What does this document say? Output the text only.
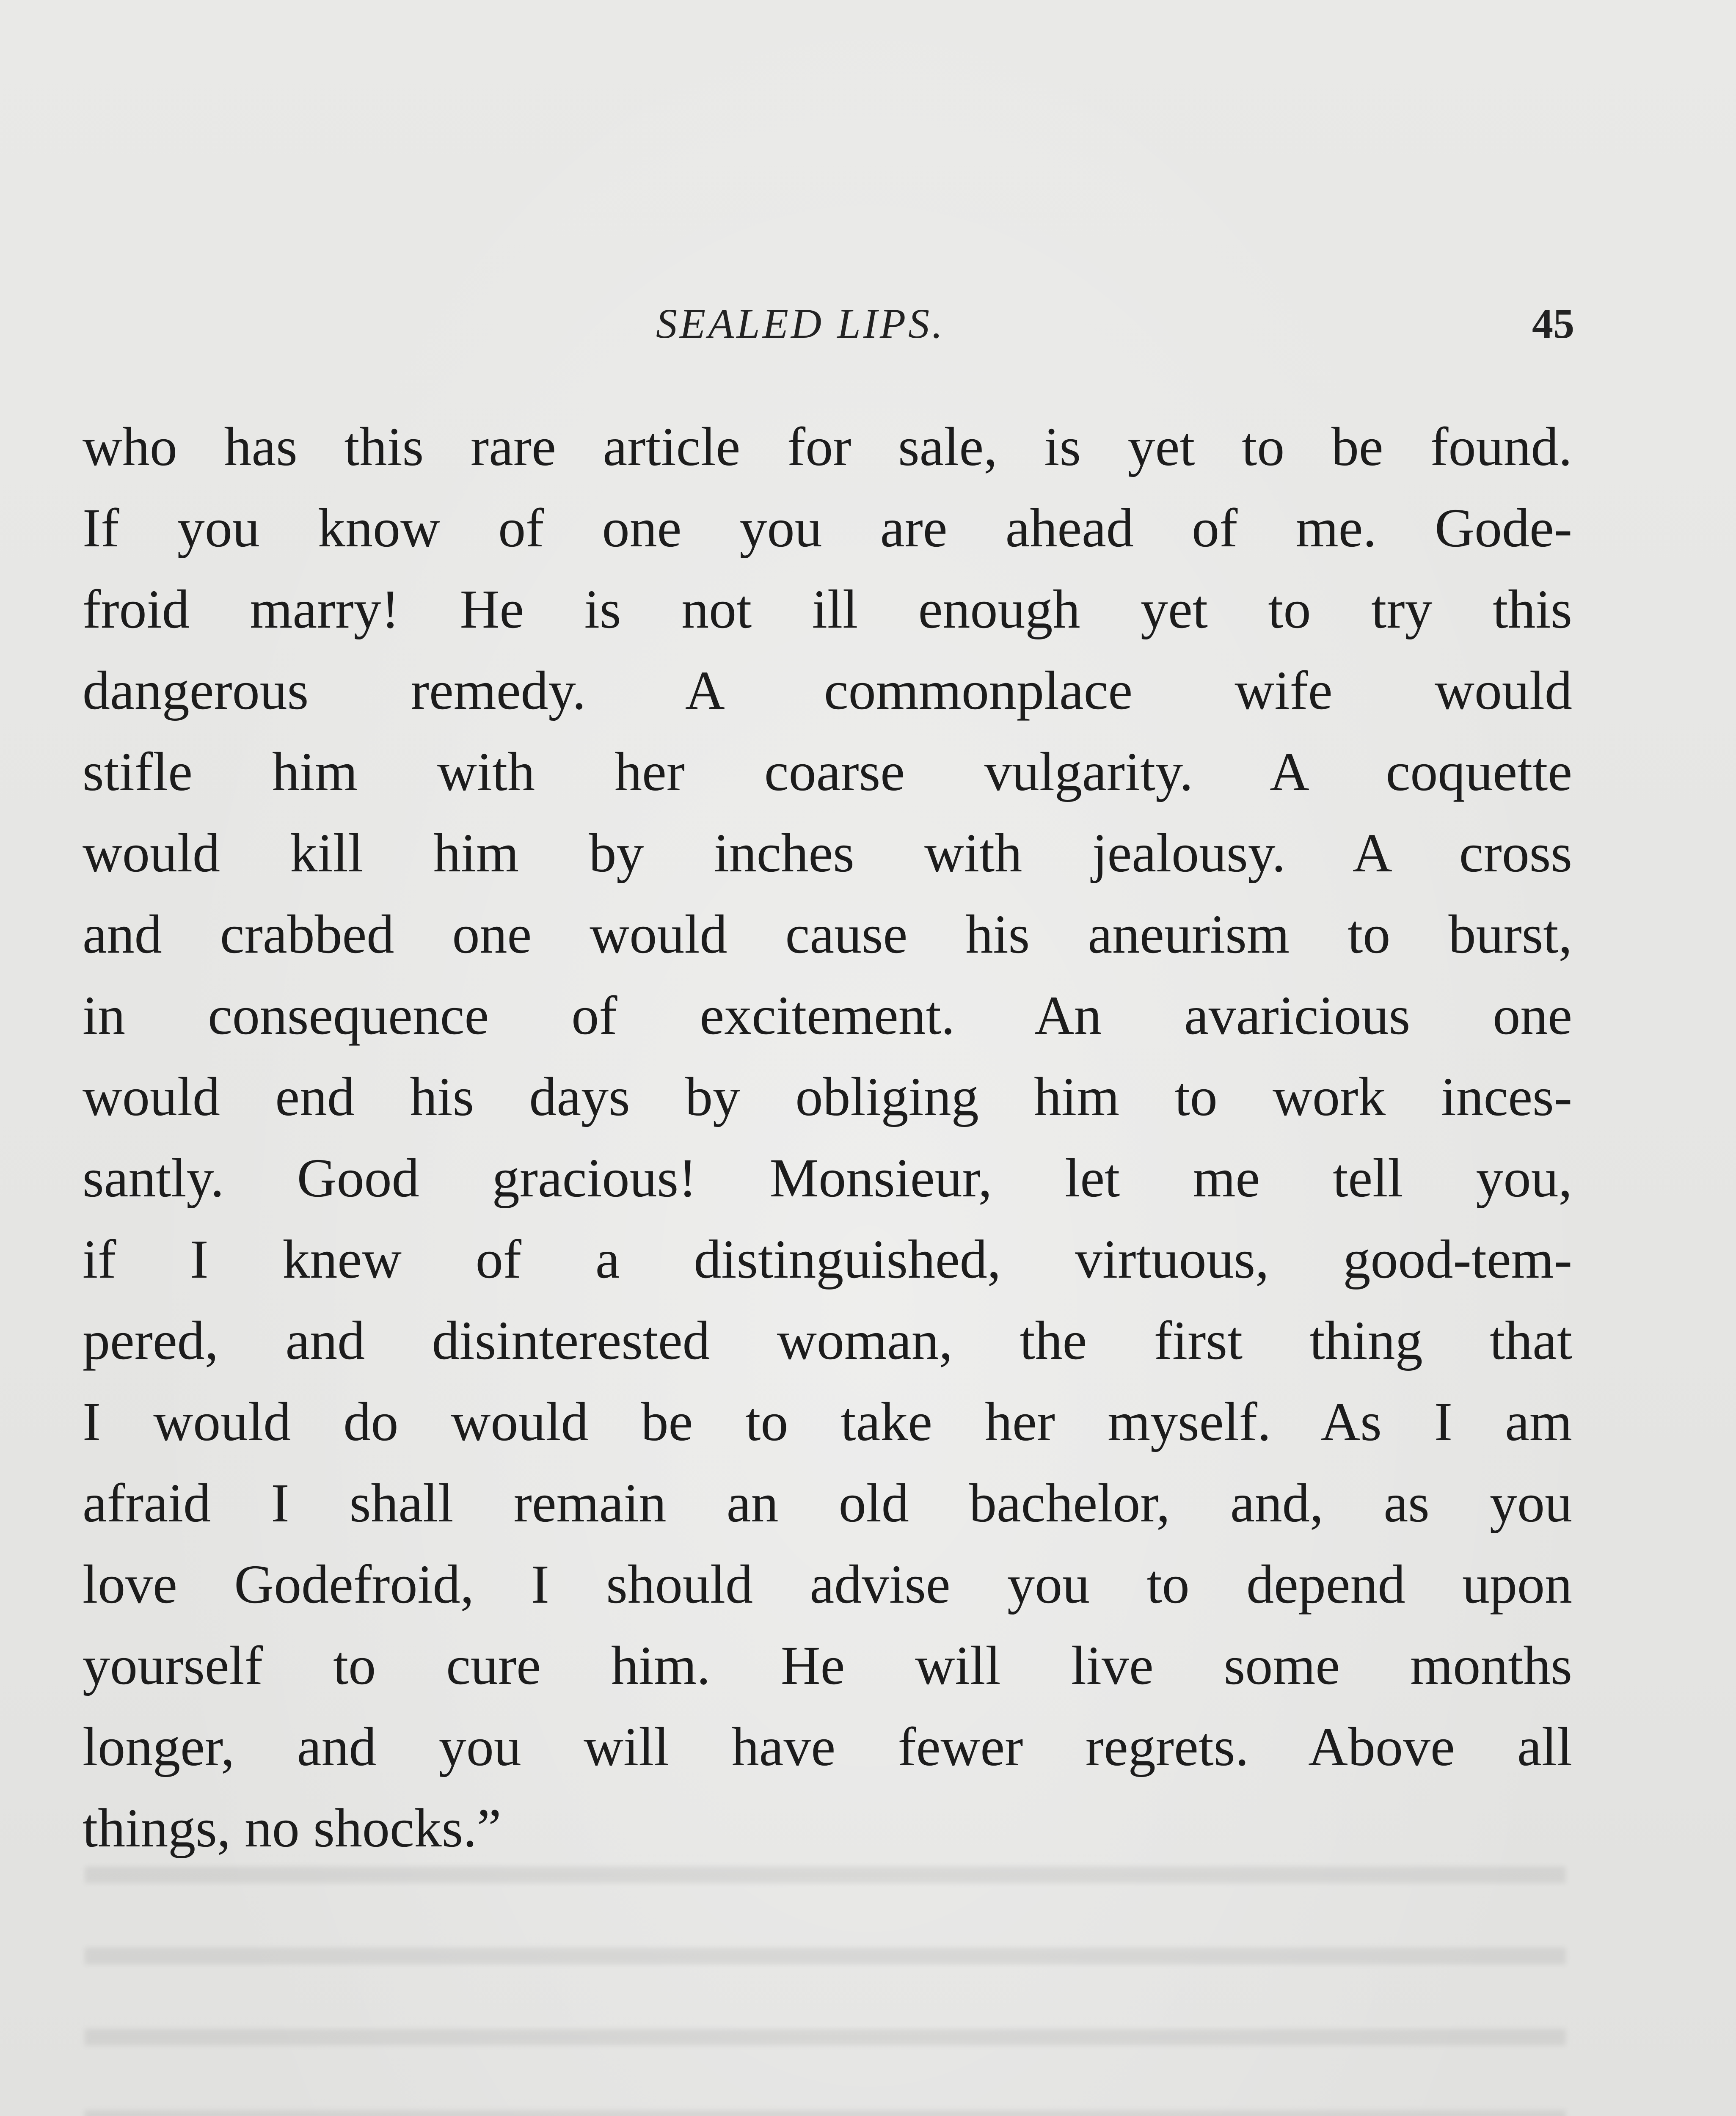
SEALED LIPS.	45
who has this rare article for sale, is yet to be found.
If you know of one you are ahead of me. Gode-
froid marry! He is not ill enough yet to try this
dangerous remedy. A commonplace wife would
stifle him with her coarse vulgarity. A coquette
would kill him by inches with jealousy. A cross
and crabbed one would cause his aneurism to burst,
in consequence of excitement. An avaricious one
would end his days by obliging him to work inces-
santly. Good gracious! Monsieur, let me tell you,
if I knew of a distinguished, virtuous, good-tem-
pered, and disinterested woman, the first thing that
I would do would be to take her myself. As I am
afraid I shall remain an old bachelor, and, as you
love Godefroid, I should advise you to depend upon
yourself to cure him. He will live some months
longer, and you will have fewer regrets. Above all
things, no shocks.”
